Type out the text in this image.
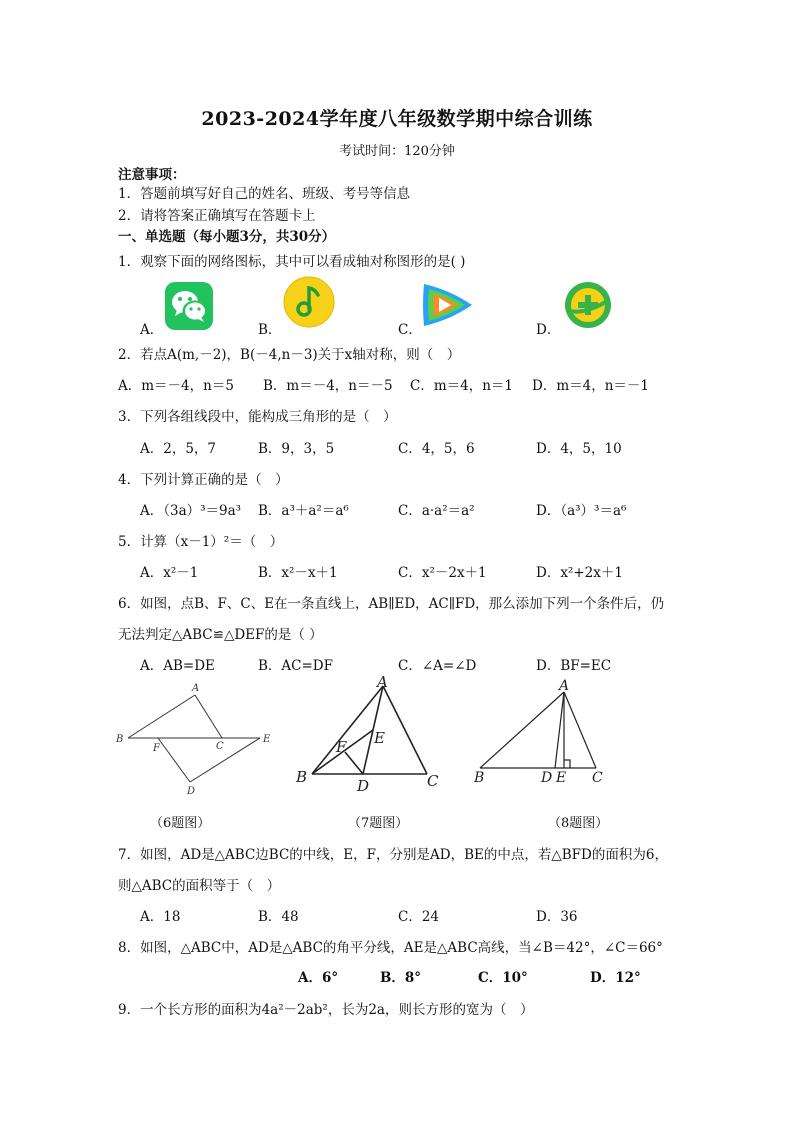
2023-2024学年度八年级数学期中综合训练
考试时间：120分钟
注意事项：
1．答题前填写好自己的姓名、班级、考号等信息
2．请将答案正确填写在答题卡上
一、单选题（每小题3分，共30分）
1．观察下面的网络图标，其中可以看成轴对称图形的是( )
A．	B．	C．	D．
2．若点A(m,－2)，B(－4,n－3)关于x轴对称，则（　）
A．m＝－4，n＝5 B．m＝－4，n＝－5 C．m＝4，n＝1 D．m＝4，n＝－1
3．下列各组线段中，能构成三角形的是（　）
A．2，5，7	B．9，3，5	C．4，5，6	D．4，5，10
4．下列计算正确的是（　）
A．（3a）³＝9a³ B．a³＋a²＝a⁶	C．a·a²＝a²	D．（a³）³＝a⁶
5．计算（x－1）²＝（　）
A．x²－1	B．x²－x＋1	C．x²－2x＋1	D．x²+2x＋1
6．如图，点B、F、C、E在一条直线上，AB∥ED，AC∥FD，那么添加下列一个条件后，仍
无法判定△ABC≌△DEF的是（ ）
A．AB=DE	B．AC=DF	C．∠A=∠D	D．BF=EC
A
B
F	C
E
D
A
B	C
D
E
F
A
B	D E C
（6题图）	（7题图）	（8题图）
7．如图，AD是△ABC边BC的中线，E，F，分别是AD，BE的中点，若△BFD的面积为6，
则△ABC的面积等于（　）
A．18	B．48	C．24	D．36
8．如图，△ABC中，AD是△ABC的角平分线，AE是△ABC高线，当∠B＝42°，∠C＝66°
A．6°	B．8°	C．10°	D．12°
9．一个长方形的面积为4a²－2ab²，长为2a，则长方形的宽为（　）
